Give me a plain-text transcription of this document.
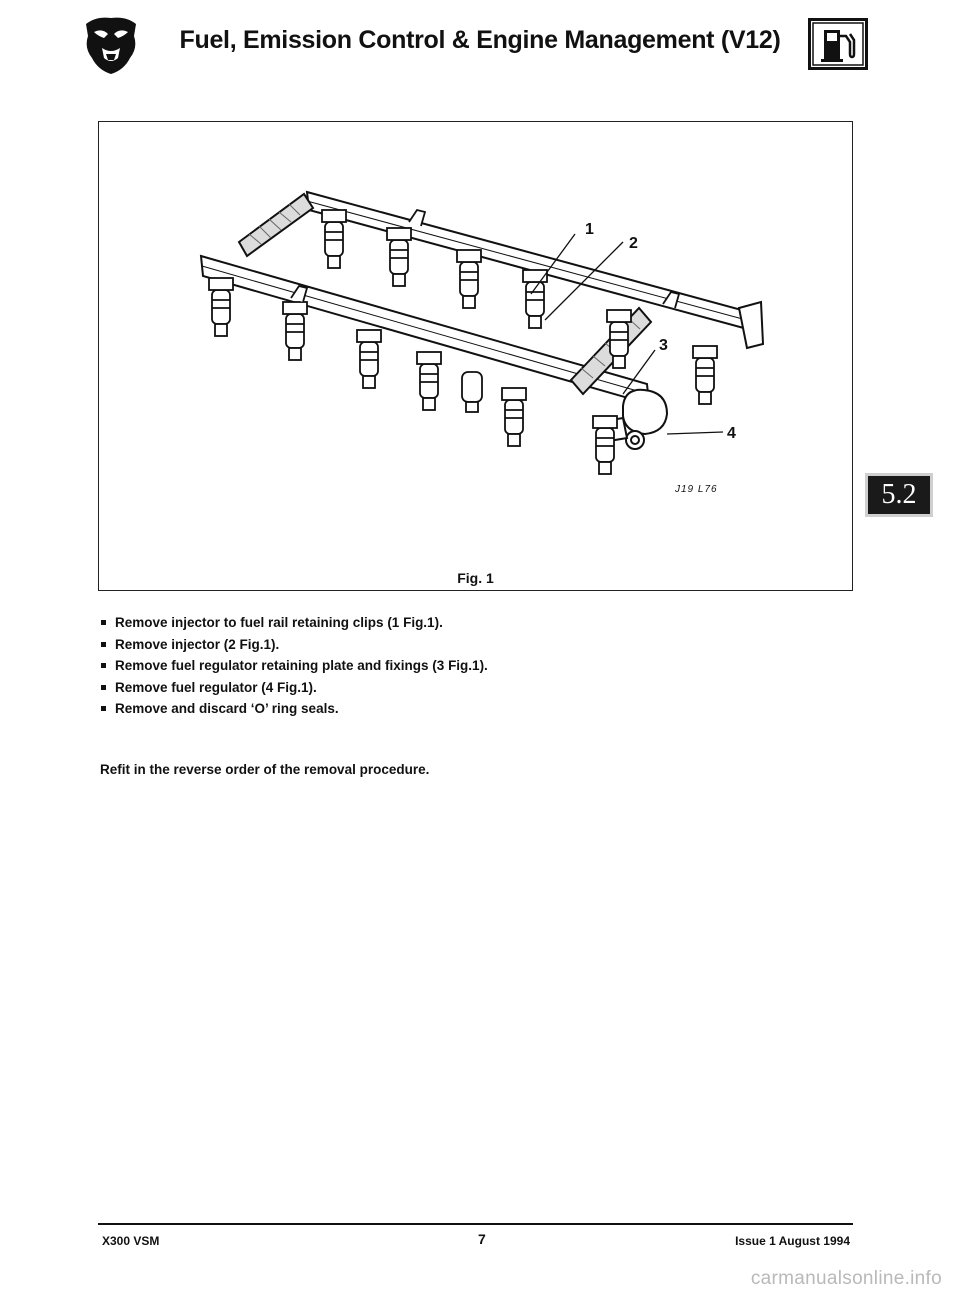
Fuel, Emission Control & Engine Management (V12)
1
2
3
4
J19 L76
Fig. 1
5.2
Remove injector to fuel rail retaining clips (1 Fig.1).
Remove injector (2 Fig.1).
Remove fuel regulator retaining plate and fixings (3 Fig.1).
Remove fuel regulator (4 Fig.1).
Remove and discard ‘O’ ring seals.
Refit in the reverse order of the removal procedure.
X300 VSM	7	Issue 1 August 1994
carmanualsonline.info
